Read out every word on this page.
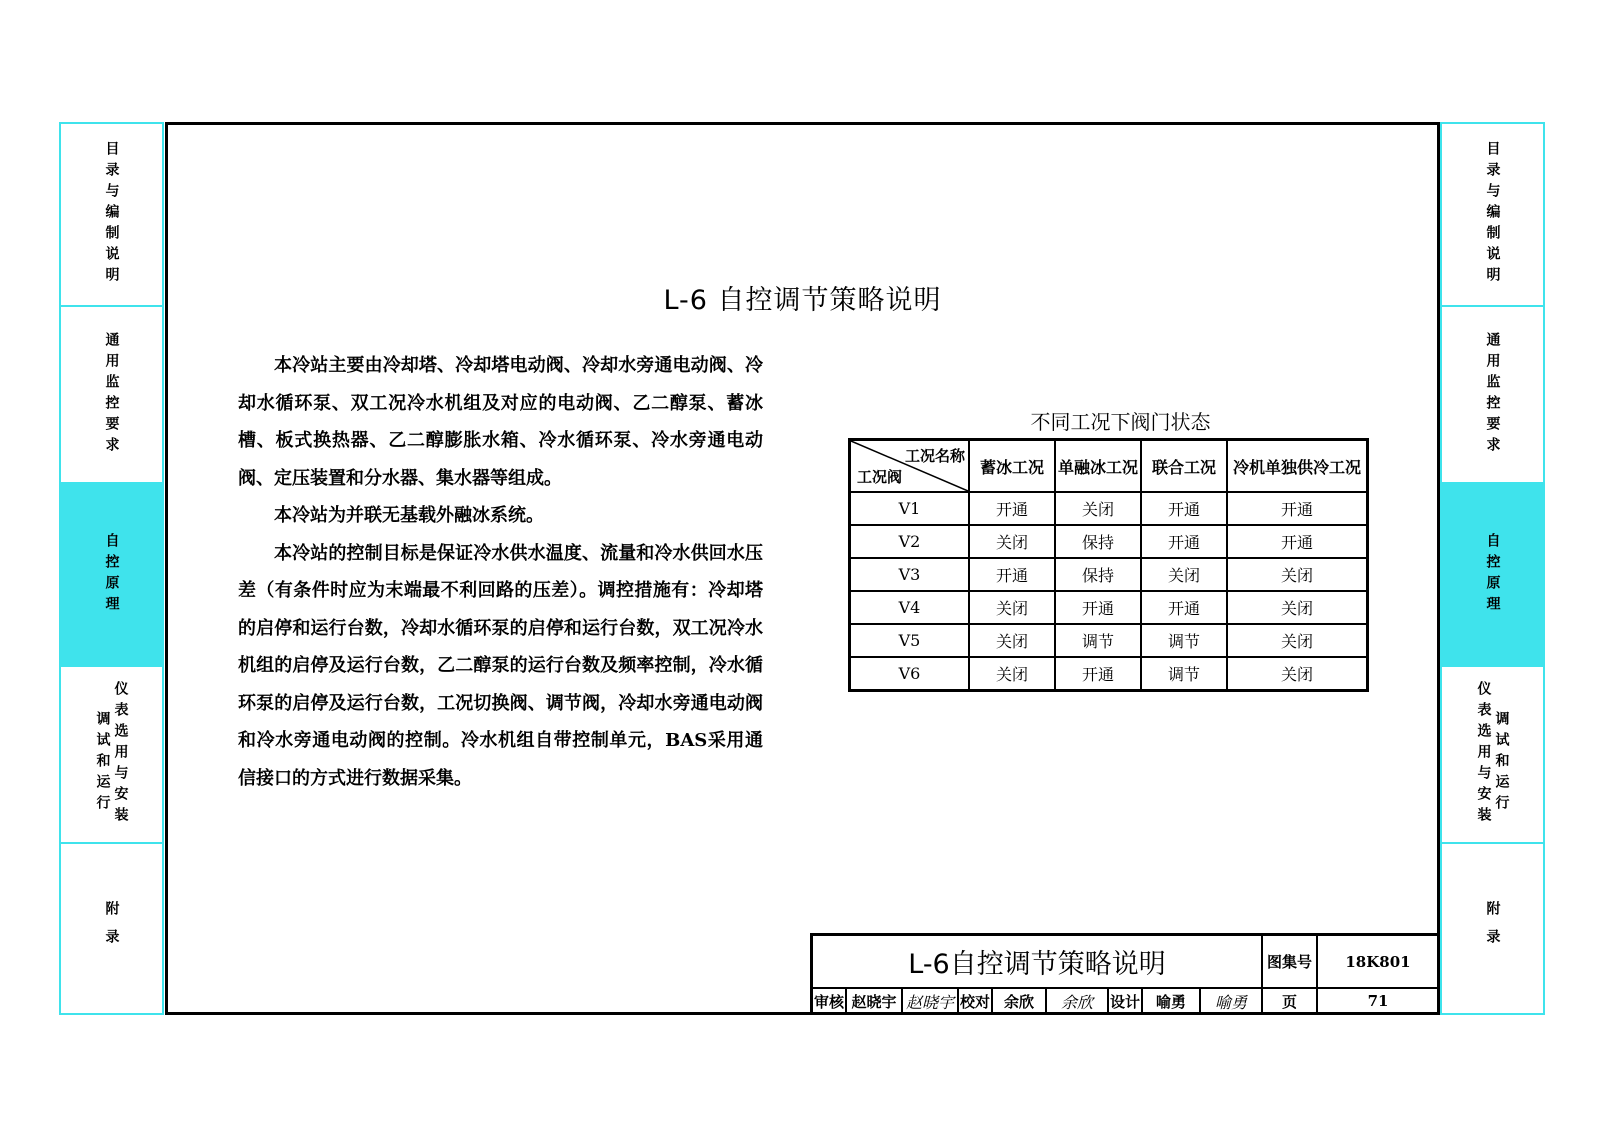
目录与编制说明
通用监控要求
自控原理
仪表选用与安装
调试和运行
附录
目录与编制说明
通用监控要求
自控原理
调试和运行
仪表选用与安装
附录
L-6 自控调节策略说明

本冷站主要由冷却塔、冷却塔电动阀、冷却水旁通电动阀、冷却水循环泵、双工况冷水机组及对应的电动阀、乙二醇泵、蓄冰槽、板式换热器、乙二醇膨胀水箱、冷水循环泵、冷水旁通电动阀、定压装置和分水器、集水器等组成。

本冷站为并联无基载外融冰系统。

本冷站的控制目标是保证冷水供水温度、流量和冷水供回水压差（有条件时应为末端最不利回路的压差）。调控措施有：冷却塔的启停和运行台数，冷却水循环泵的启停和运行台数，双工况冷水机组的启停及运行台数，乙二醇泵的运行台数及频率控制，冷水循环泵的启停及运行台数，工况切换阀、调节阀，冷却水旁通电动阀和冷水旁通电动阀的控制。冷水机组自带控制单元，BAS采用通信接口的方式进行数据采集。

不同工况下阀门状态
工况名称
工况阀	蓄冰工况	单融冰工况	联合工况	冷机单独供冷工况
V1	开通	关闭	开通	开通
V2	关闭	保持	开通	开通
V3	开通	保持	关闭	关闭
V4	关闭	开通	开通	关闭
V5	关闭	调节	调节	关闭
V6	关闭	开通	调节	关闭
L-6自控调节策略说明	图集号	18K801
审核 赵晓宇 赵晓宇 校对 余欣	余欣	设计	喻勇	喻勇	页	71
